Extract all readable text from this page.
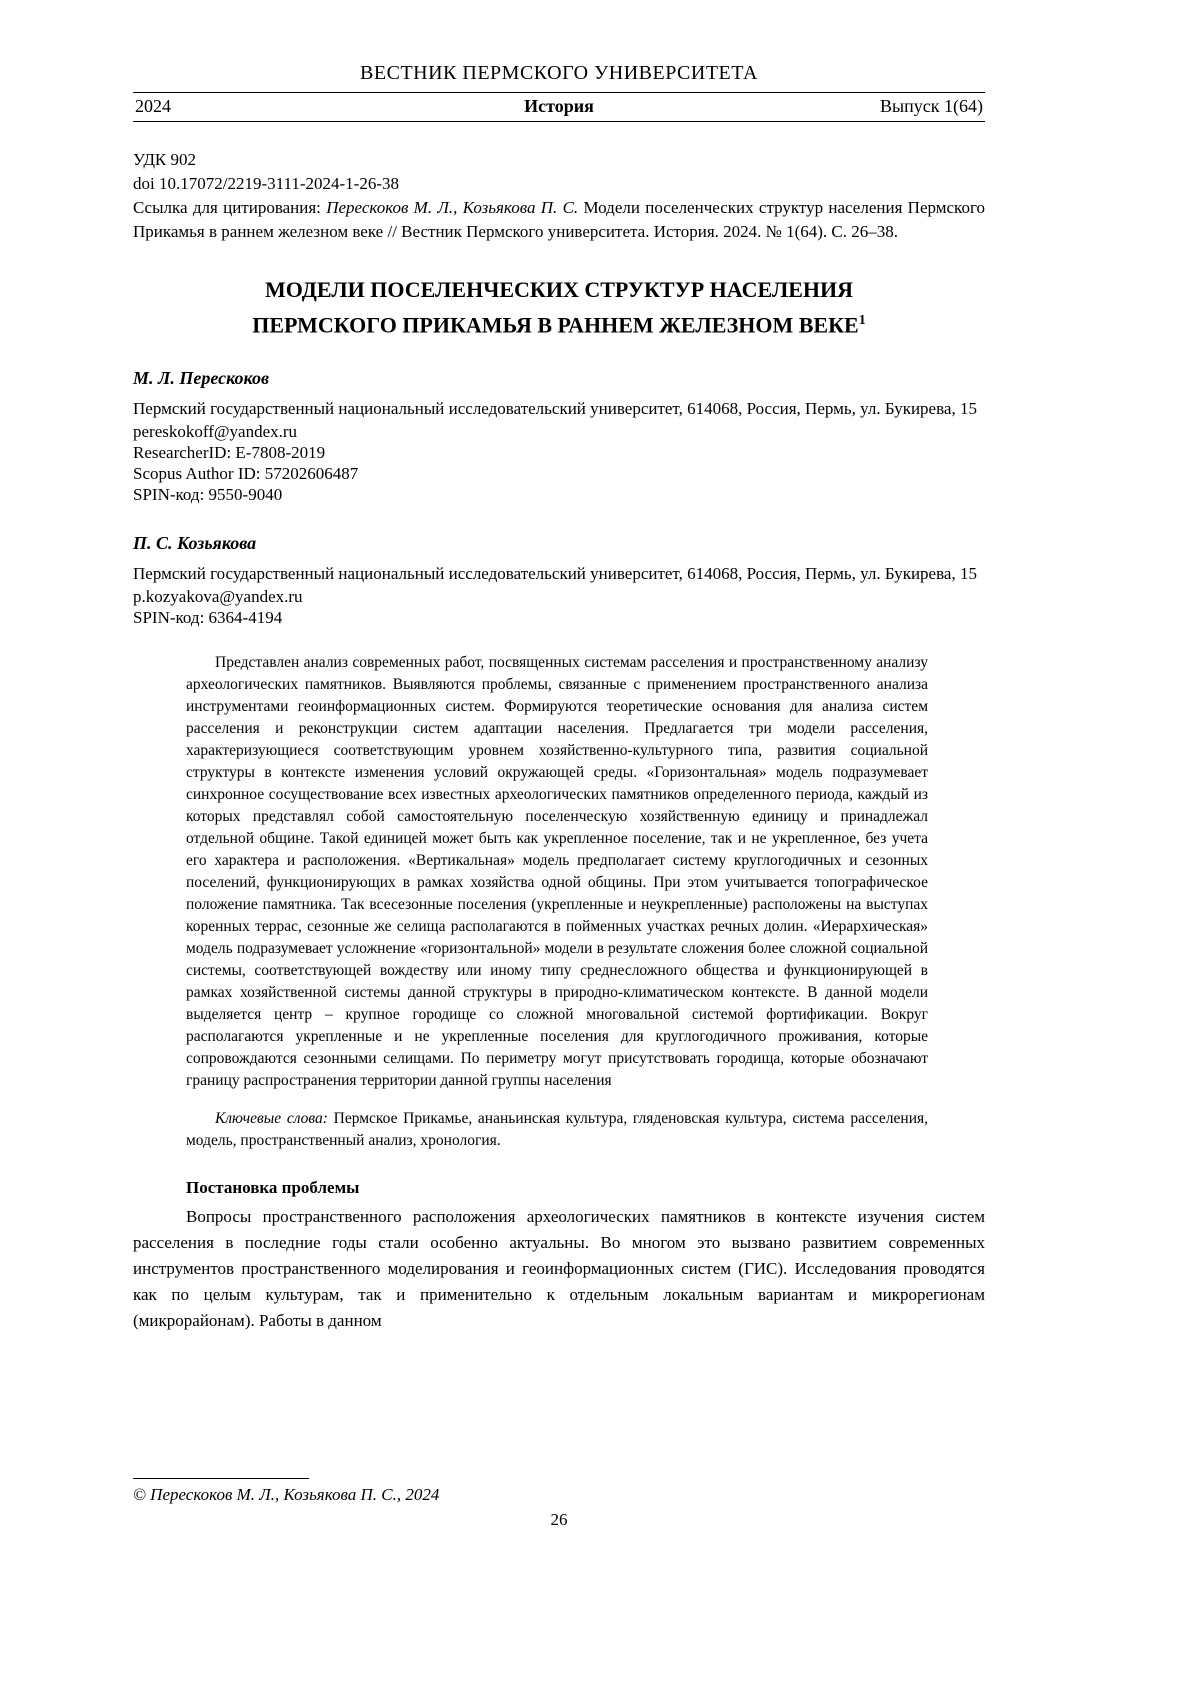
ВЕСТНИК ПЕРМСКОГО УНИВЕРСИТЕТА
2024	История	Выпуск 1(64)

УДК 902

doi 10.17072/2219-3111-2024-1-26-38

Ссылка для цитирования: Перескоков М. Л., Козьякова П. С. Модели поселенческих структур населения Пермского Прикамья в раннем железном веке // Вестник Пермского университета. История. 2024. № 1(64). С. 26–38.

МОДЕЛИ ПОСЕЛЕНЧЕСКИХ СТРУКТУР НАСЕЛЕНИЯ
ПЕРМСКОГО ПРИКАМЬЯ В РАННЕМ ЖЕЛЕЗНОМ ВЕКЕ$^1$
М. Л. Перескоков
Пермский государственный национальный исследовательский университет, 614068, Россия, Пермь, ул. Букирева, 15
pereskokoff@yandex.ru
ResearcherID: E-7808-2019
Scopus Author ID: 57202606487
SPIN-код: 9550-9040
П. С. Козьякова
Пермский государственный национальный исследовательский университет, 614068, Россия, Пермь, ул. Букирева, 15
p.kozyakova@yandex.ru
SPIN-код: 6364-4194

Представлен анализ современных работ, посвященных системам расселения и пространственному анализу археологических памятников. Выявляются проблемы, связанные с применением пространственного анализа инструментами геоинформационных систем. Формируются теоретические основания для анализа систем расселения и реконструкции систем адаптации населения. Предлагается три модели расселения, характеризующиеся соответствующим уровнем хозяйственно-культурного типа, развития социальной структуры в контексте изменения условий окружающей среды. «Горизонтальная» модель подразумевает синхронное сосуществование всех известных археологических памятников определенного периода, каждый из которых представлял собой самостоятельную поселенческую хозяйственную единицу и принадлежал отдельной общине. Такой единицей может быть как укрепленное поселение, так и не укрепленное, без учета его характера и расположения. «Вертикальная» модель предполагает систему круглогодичных и сезонных поселений, функционирующих в рамках хозяйства одной общины. При этом учитывается топографическое положение памятника. Так всесезонные поселения (укрепленные и неукрепленные) расположены на выступах коренных террас, сезонные же селища располагаются в пойменных участках речных долин. «Иерархическая» модель подразумевает усложнение «горизонтальной» модели в результате сложения более сложной социальной системы, соответствующей вождеству или иному типу среднесложного общества и функционирующей в рамках хозяйственной системы данной структуры в природно-климатическом контексте. В данной модели выделяется центр – крупное городище со сложной многовальной системой фортификации. Вокруг располагаются укрепленные и не укрепленные поселения для круглогодичного проживания, которые сопровождаются сезонными селищами. По периметру могут присутствовать городища, которые обозначают границу распространения территории данной группы населения

Ключевые слова: Пермское Прикамье, ананьинская культура, гляденовская культура, система расселения, модель, пространственный анализ, хронология.

Постановка проблемы

Вопросы пространственного расположения археологических памятников в контексте изучения систем расселения в последние годы стали особенно актуальны. Во многом это вызвано развитием современных инструментов пространственного моделирования и геоинформационных систем (ГИС). Исследования проводятся как по целым культурам, так и применительно к отдельным локальным вариантам и микрорегионам (микрорайонам). Работы в данном

© Перескоков М. Л., Козьякова П. С., 2024

26
